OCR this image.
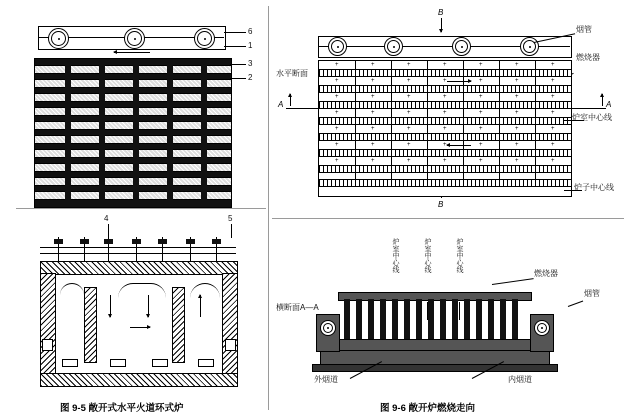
6
1
3
2
4	5
图 9-5 敞开式水平火道环式炉
B
B
水平断面
烟管
燃烧器
+	+	+	+	+	+	+
+	+	+	+	+	+	+
+	+	+	+	+	+	+
+	+	+	+	+	+	+
+	+	+	+	+	+	+
+	+	+	+	+	+	+
+	+	+	+	+	+	+
A	A
炉室中心线
炉子中心线
炉室中心线	炉室中心线	炉室中心线
横断面A—A
燃烧器
烟管
外烟道	内烟道
图 9-6 敞开炉燃烧走向
